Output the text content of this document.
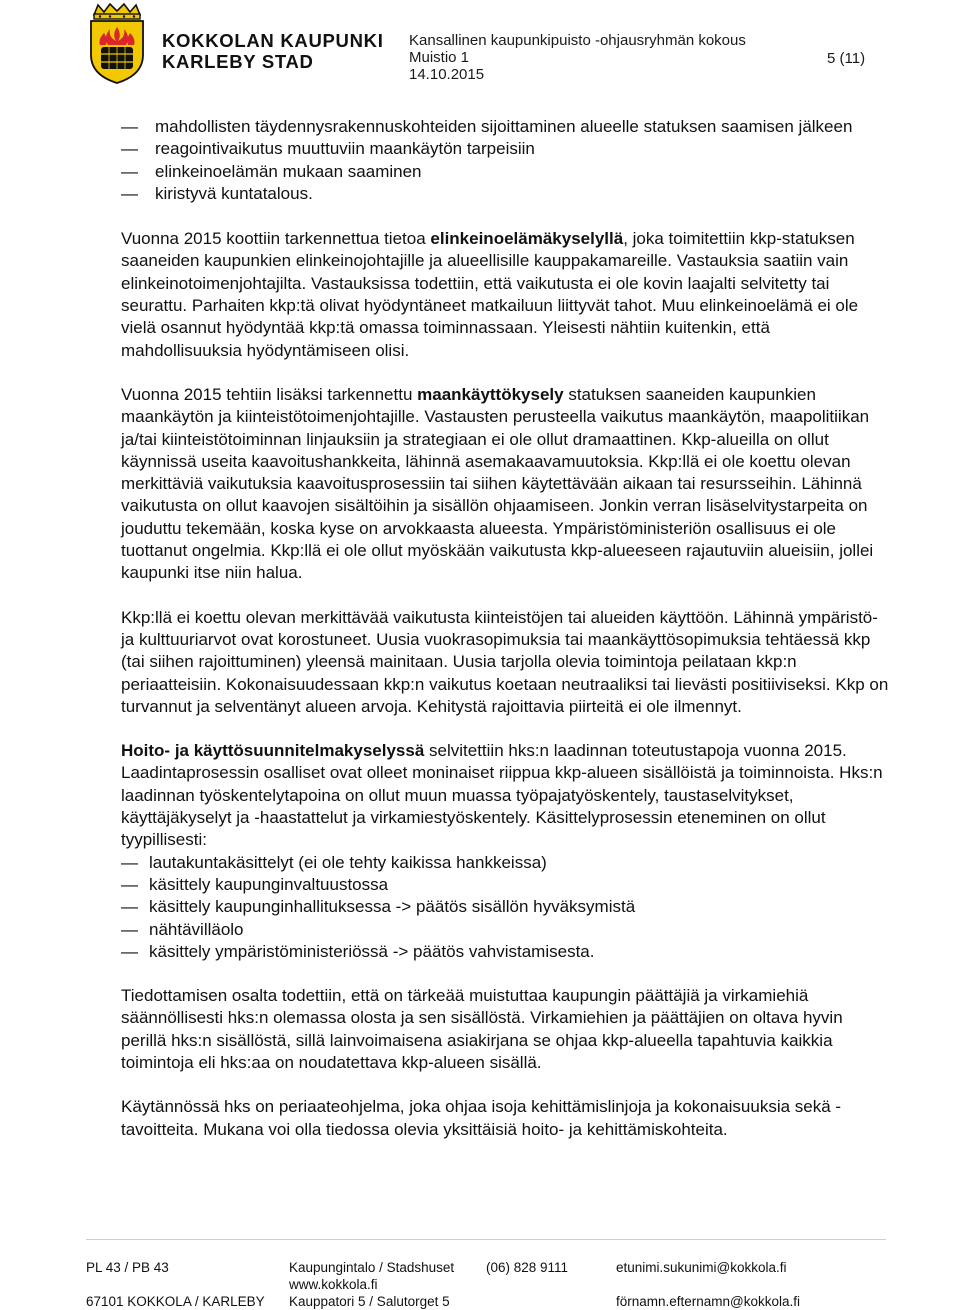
KOKKOLAN KAUPUNKI
KARLEBY STAD
Kansallinen kaupunkipuisto -ohjausryhmän kokous
Muistio 1
14.10.2015
5 (11)
— mahdollisten täydennysrakennuskohteiden sijoittaminen alueelle statuksen saamisen jälkeen
— reagointivaikutus muuttuviin maankäytön tarpeisiin
— elinkeinoelämän mukaan saaminen
— kiristyvä kuntatalous.

Vuonna 2015 koottiin tarkennettua tietoa elinkeinoelämäkyselyllä, joka toimitettiin kkp-statuksen saaneiden kaupunkien elinkeinojohtajille ja alueellisille kauppakamareille. Vastauksia saatiin vain elinkeinotoimenjohtajilta. Vastauksissa todettiin, että vaikutusta ei ole kovin laajalti selvitetty tai seurattu. Parhaiten kkp:tä olivat hyödyntäneet matkailuun liittyvät tahot. Muu elinkeinoelämä ei ole vielä osannut hyödyntää kkp:tä omassa toiminnassaan. Yleisesti nähtiin kuitenkin, että mahdollisuuksia hyödyntämiseen olisi.

Vuonna 2015 tehtiin lisäksi tarkennettu maankäyttökysely statuksen saaneiden kaupunkien maankäytön ja kiinteistötoimenjohtajille. Vastausten perusteella vaikutus maankäytön, maapolitiikan ja/tai kiinteistötoiminnan linjauksiin ja strategiaan ei ole ollut dramaattinen. Kkp-alueilla on ollut käynnissä useita kaavoitushankkeita, lähinnä asemakaavamuutoksia. Kkp:llä ei ole koettu olevan merkittäviä vaikutuksia kaavoitusprosessiin tai siihen käytettävään aikaan tai resursseihin. Lähinnä vaikutusta on ollut kaavojen sisältöihin ja sisällön ohjaamiseen. Jonkin verran lisäselvitystarpeita on jouduttu tekemään, koska kyse on arvokkaasta alueesta. Ympäristöministeriön osallisuus ei ole tuottanut ongelmia. Kkp:llä ei ole ollut myöskään vaikutusta kkp-alueeseen rajautuviin alueisiin, jollei kaupunki itse niin halua.

Kkp:llä ei koettu olevan merkittävää vaikutusta kiinteistöjen tai alueiden käyttöön. Lähinnä ympäristö- ja kulttuuriarvot ovat korostuneet. Uusia vuokrasopimuksia tai maankäyttösopimuksia tehtäessä kkp (tai siihen rajoittuminen) yleensä mainitaan. Uusia tarjolla olevia toimintoja peilataan kkp:n periaatteisiin. Kokonaisuudessaan kkp:n vaikutus koetaan neutraaliksi tai lievästi positiiviseksi. Kkp on turvannut ja selventänyt alueen arvoja. Kehitystä rajoittavia piirteitä ei ole ilmennyt.

Hoito- ja käyttösuunnitelmakyselyssä selvitettiin hks:n laadinnan toteutustapoja vuonna 2015. Laadintaprosessin osalliset ovat olleet moninaiset riippua kkp-alueen sisällöistä ja toiminnoista. Hks:n laadinnan työskentelytapoina on ollut muun muassa työpajatyöskentely, taustaselvitykset, käyttäjäkyselyt ja -haastattelut ja virkamiestyöskentely. Käsittelyprosessin eteneminen on ollut tyypillisesti:

— lautakuntakäsittelyt (ei ole tehty kaikissa hankkeissa)
— käsittely kaupunginvaltuustossa
— käsittely kaupunginhallituksessa -> päätös sisällön hyväksymistä
— nähtävilläolo
— käsittely ympäristöministeriössä -> päätös vahvistamisesta.

Tiedottamisen osalta todettiin, että on tärkeää muistuttaa kaupungin päättäjiä ja virkamiehiä säännöllisesti hks:n olemassa olosta ja sen sisällöstä. Virkamiehien ja päättäjien on oltava hyvin perillä hks:n sisällöstä, sillä lainvoimaisena asiakirjana se ohjaa kkp-alueella tapahtuvia kaikkia toimintoja eli hks:aa on noudatettava kkp-alueen sisällä.

Käytännössä hks on periaateohjelma, joka ohjaa isoja kehittämislinjoja ja kokonaisuuksia sekä -tavoitteita. Mukana voi olla tiedossa olevia yksittäisiä hoito- ja kehittämiskohteita.

PL 43 / PB 43

67101 KOKKOLA / KARLEBY
Kaupungintalo / Stadshuset
www.kokkola.fi
Kauppatori 5 / Salutorget 5
(06) 828 9111	etunimi.sukunimi@kokkola.fi

förnamn.efternamn@kokkola.fi
